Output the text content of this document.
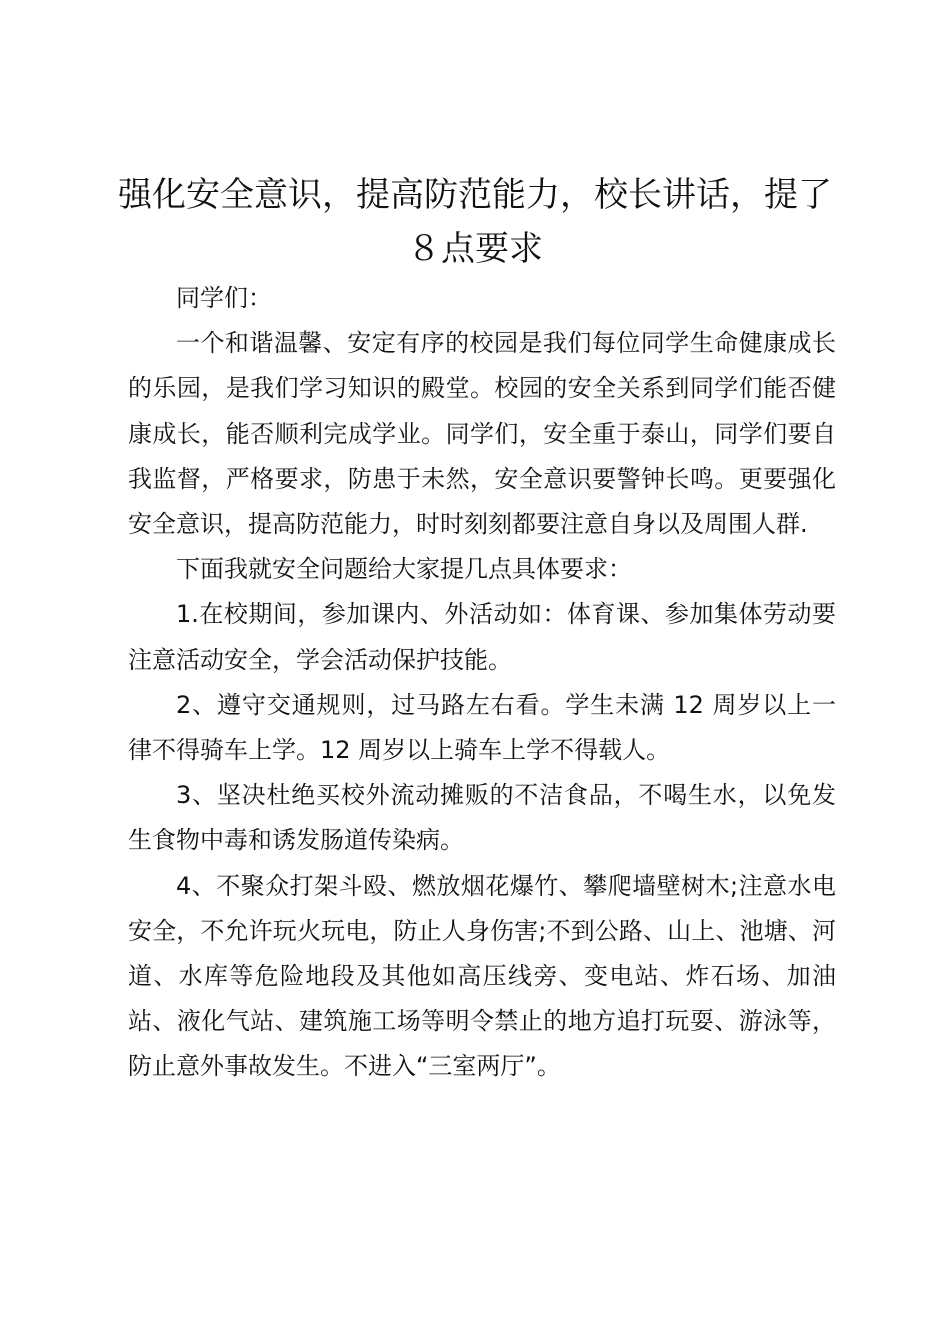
强化安全意识，提高防范能力，校长讲话，提了８点要求

同学们：

一个和谐温馨、安定有序的校园是我们每位同学生命健康成长的乐园，是我们学习知识的殿堂。校园的安全关系到同学们能否健康成长，能否顺利完成学业。同学们，安全重于泰山，同学们要自我监督，严格要求，防患于未然，安全意识要警钟长鸣。更要强化安全意识，提高防范能力，时时刻刻都要注意自身以及周围人群.

下面我就安全问题给大家提几点具体要求：

1.在校期间，参加课内、外活动如：体育课、参加集体劳动要注意活动安全，学会活动保护技能。

2、遵守交通规则，过马路左右看。学生未满 12 周岁以上一律不得骑车上学。12 周岁以上骑车上学不得载人。

3、坚决杜绝买校外流动摊贩的不洁食品，不喝生水，以免发生食物中毒和诱发肠道传染病。

4、不聚众打架斗殴、燃放烟花爆竹、攀爬墙壁树木;注意水电安全，不允许玩火玩电，防止人身伤害;不到公路、山上、池塘、河道、水库等危险地段及其他如高压线旁、变电站、炸石场、加油站、液化气站、建筑施工场等明令禁止的地方追打玩耍、游泳等，防止意外事故发生。不进入“三室两厅”。
